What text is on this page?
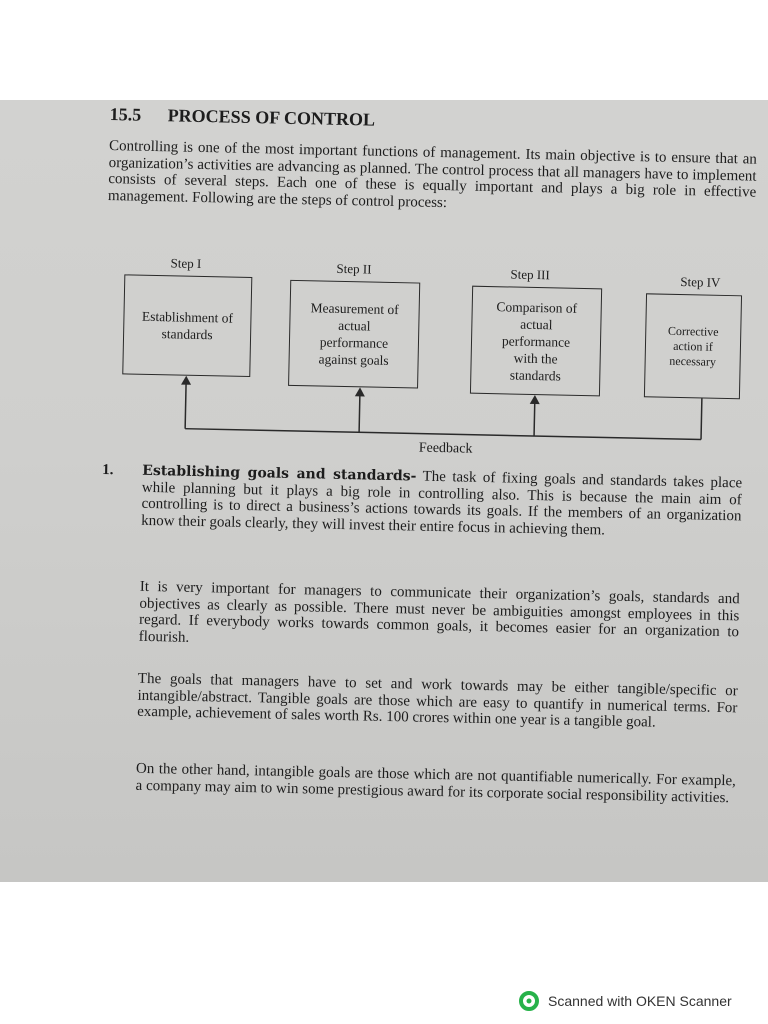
15.5 PROCESS OF CONTROL

Controlling is one of the most important functions of management. Its main objective is to ensure that an organization’s activities are advancing as planned. The control process that all managers have to implement consists of several steps. Each one of these is equally important and plays a big role in effective management. Following are the steps of control process:

Step I	Step II	Step III	Step IV
Establishment of
standards
Measurement of
actual
performance
against goals
Comparison of
actual
performance
with the
standards
Corrective
action if
necessary
Feedback
1. Establishing goals and standards- The task of fixing goals and standards takes place while planning but it plays a big role in controlling also. This is because the main aim of controlling is to direct a business’s actions towards its goals. If the members of an organization know their goals clearly, they will invest their entire focus in achieving them.

It is very important for managers to communicate their organization’s goals, standards and objectives as clearly as possible. There must never be ambiguities amongst employees in this regard. If everybody works towards common goals, it becomes easier for an organization to flourish.

The goals that managers have to set and work towards may be either tangible/specific or intangible/abstract. Tangible goals are those which are easy to quantify in numerical terms. For example, achievement of sales worth Rs. 100 crores within one year is a tangible goal.

On the other hand, intangible goals are those which are not quantifiable numerically. For example, a company may aim to win some prestigious award for its corporate social responsibility activities.

Scanned with OKEN Scanner
